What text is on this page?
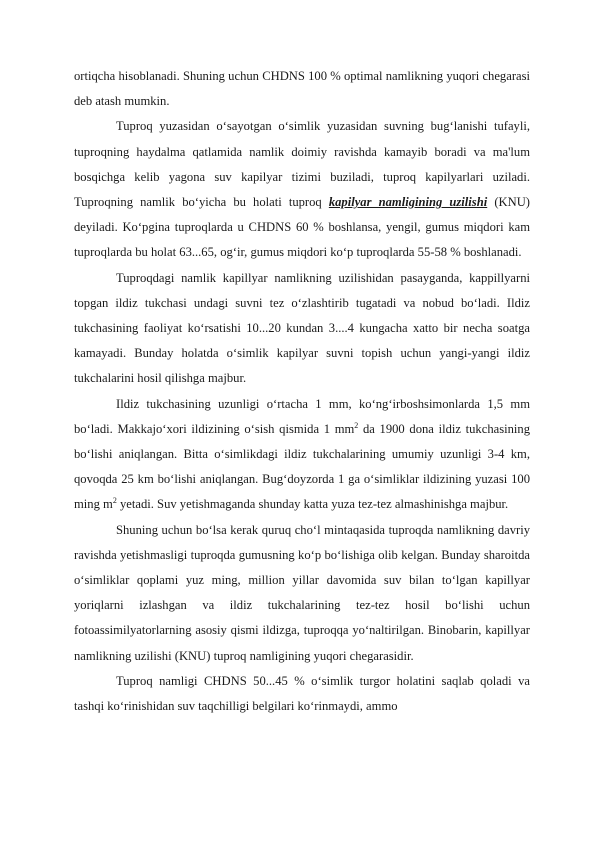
ortiqcha hisoblanadi. Shuning uchun CHDNS 100 % optimal namlikning yuqori chegarasi deb atash mumkin.

Tuproq yuzasidan o‘sayotgan o‘simlik yuzasidan suvning bug‘lanishi tufayli, tuproqning haydalma qatlamida namlik doimiy ravishda kamayib boradi va ma'lum bosqichga kelib yagona suv kapilyar tizimi buziladi, tuproq kapilyarlari uziladi. Tuproqning namlik bo‘yicha bu holati tuproq kapilyar namligining uzilishi (KNU) deyiladi. Ko‘pgina tuproqlarda u CHDNS 60 % boshlansa, yengil, gumus miqdori kam tuproqlarda bu holat 63...65, og‘ir, gumus miqdori ko‘p tuproqlarda 55-58 % boshlanadi.

Tuproqdagi namlik kapillyar namlikning uzilishidan pasayganda, kappillyarni topgan ildiz tukchasi undagi suvni tez o‘zlashtirib tugatadi va nobud bo‘ladi. Ildiz tukchasining faoliyat ko‘rsatishi 10...20 kundan 3....4 kungacha xatto bir necha soatga kamayadi. Bunday holatda o‘simlik kapilyar suvni topish uchun yangi-yangi ildiz tukchalarini hosil qilishga majbur.

Ildiz tukchasining uzunligi o‘rtacha 1 mm, ko‘ng‘irboshsimonlarda 1,5 mm bo‘ladi. Makkajo‘xori ildizining o‘sish qismida 1 $mm^2$ da 1900 dona ildiz tukchasining bo‘lishi aniqlangan. Bitta o‘simlikdagi ildiz tukchalarining umumiy uzunligi 3-4 km, qovoqda 25 km bo‘lishi aniqlangan. Bug‘doyzorda 1 ga o‘simliklar ildizining yuzasi 100 ming $m^2$ yetadi. Suv yetishmaganda shunday katta yuza tez-tez almashinishga majbur.

Shuning uchun bo‘lsa kerak quruq cho‘l mintaqasida tuproqda namlikning davriy ravishda yetishmasligi tuproqda gumusning ko‘p bo‘lishiga olib kelgan. Bunday sharoitda o‘simliklar qoplami yuz ming, million yillar davomida suv bilan to‘lgan kapillyar yoriqlarni izlashgan va ildiz tukchalarining tez-tez hosil bo‘lishi uchun fotoassimilyatorlarning asosiy qismi ildizga, tuproqqa yo‘naltirilgan. Binobarin, kapillyar namlikning uzilishi (KNU) tuproq namligining yuqori chegarasidir.

Tuproq namligi CHDNS 50...45 % o‘simlik turgor holatini saqlab qoladi va tashqi ko‘rinishidan suv taqchilligi belgilari ko‘rinmaydi, ammo
